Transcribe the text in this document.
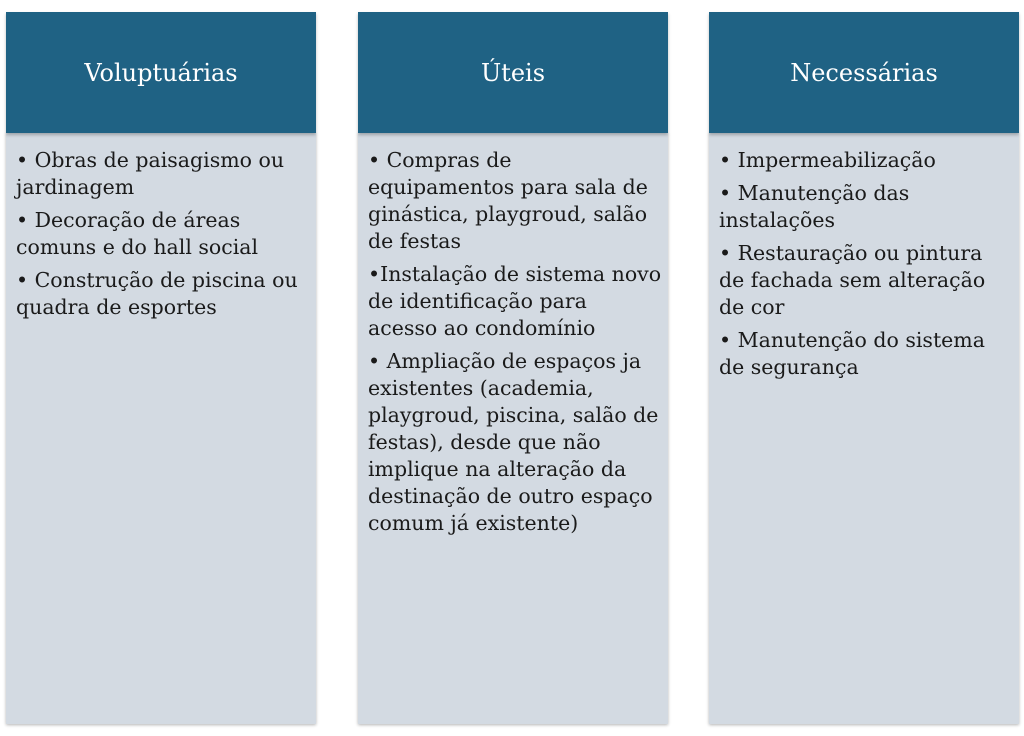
Voluptuárias
• Obras de paisagismo ou jardinagem
• Decoração de áreas comuns e do hall social
• Construção de piscina ou quadra de esportes
Úteis
• Compras de equipamentos para sala de ginástica, playgroud, salão de festas
•Instalação de sistema novo de identificação para acesso ao condomínio
• Ampliação de espaços ja existentes (academia, playgroud, piscina, salão de festas), desde que não implique na alteração da destinação de outro espaço comum já existente)
Necessárias
• Impermeabilização
• Manutenção das instalações
• Restauração ou pintura de fachada sem alteração de cor
• Manutenção do sistema de segurança
